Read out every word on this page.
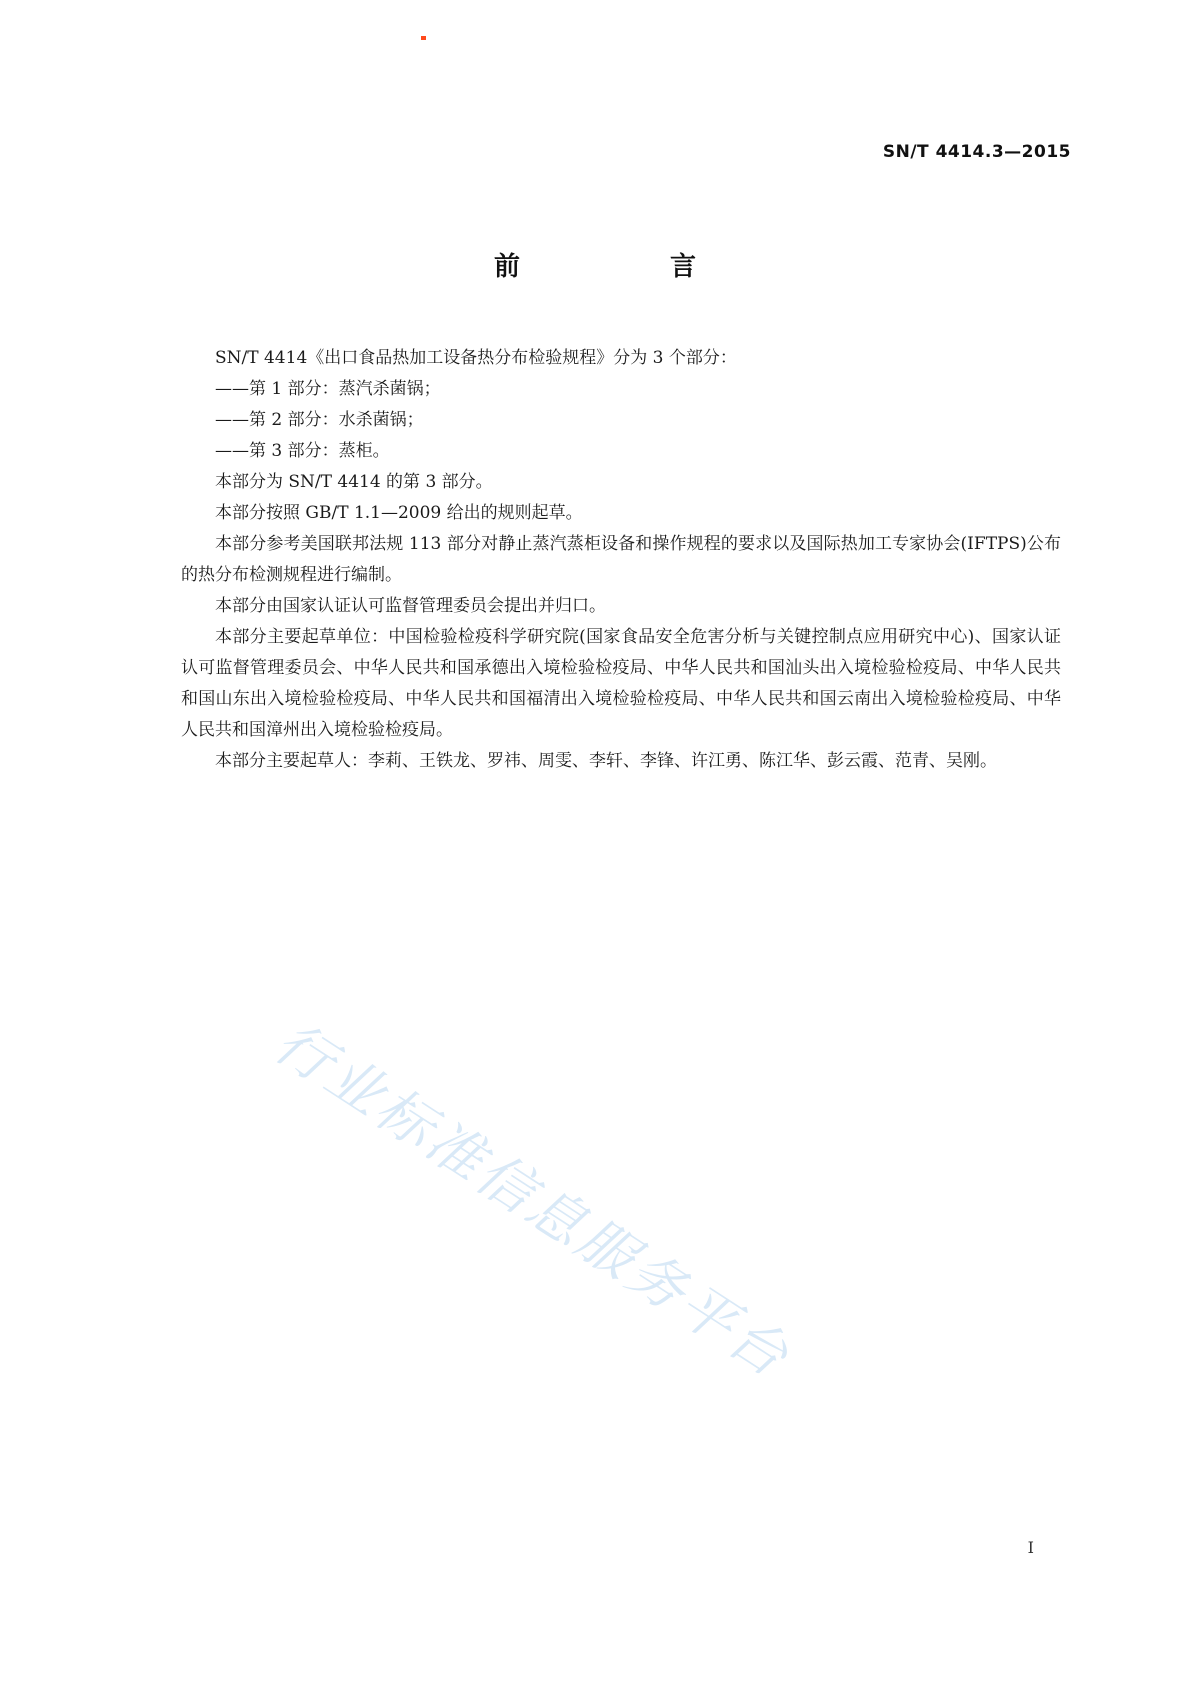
SN/T 4414.3—2015
前　言

SN/T 4414《出口食品热加工设备热分布检验规程》分为 3 个部分：

——第 1 部分：蒸汽杀菌锅；

——第 2 部分：水杀菌锅；

——第 3 部分：蒸柜。

本部分为 SN/T 4414 的第 3 部分。

本部分按照 GB/T 1.1—2009 给出的规则起草。

本部分参考美国联邦法规 113 部分对静止蒸汽蒸柜设备和操作规程的要求以及国际热加工专家协会(IFTPS)公布的热分布检测规程进行编制。

本部分由国家认证认可监督管理委员会提出并归口。

本部分主要起草单位：中国检验检疫科学研究院(国家食品安全危害分析与关键控制点应用研究中心)、国家认证认可监督管理委员会、中华人民共和国承德出入境检验检疫局、中华人民共和国汕头出入境检验检疫局、中华人民共和国山东出入境检验检疫局、中华人民共和国福清出入境检验检疫局、中华人民共和国云南出入境检验检疫局、中华人民共和国漳州出入境检验检疫局。

本部分主要起草人：李莉、王铁龙、罗祎、周雯、李轩、李锋、许江勇、陈江华、彭云霞、范青、吴刚。

行业标准信息服务平台
I
